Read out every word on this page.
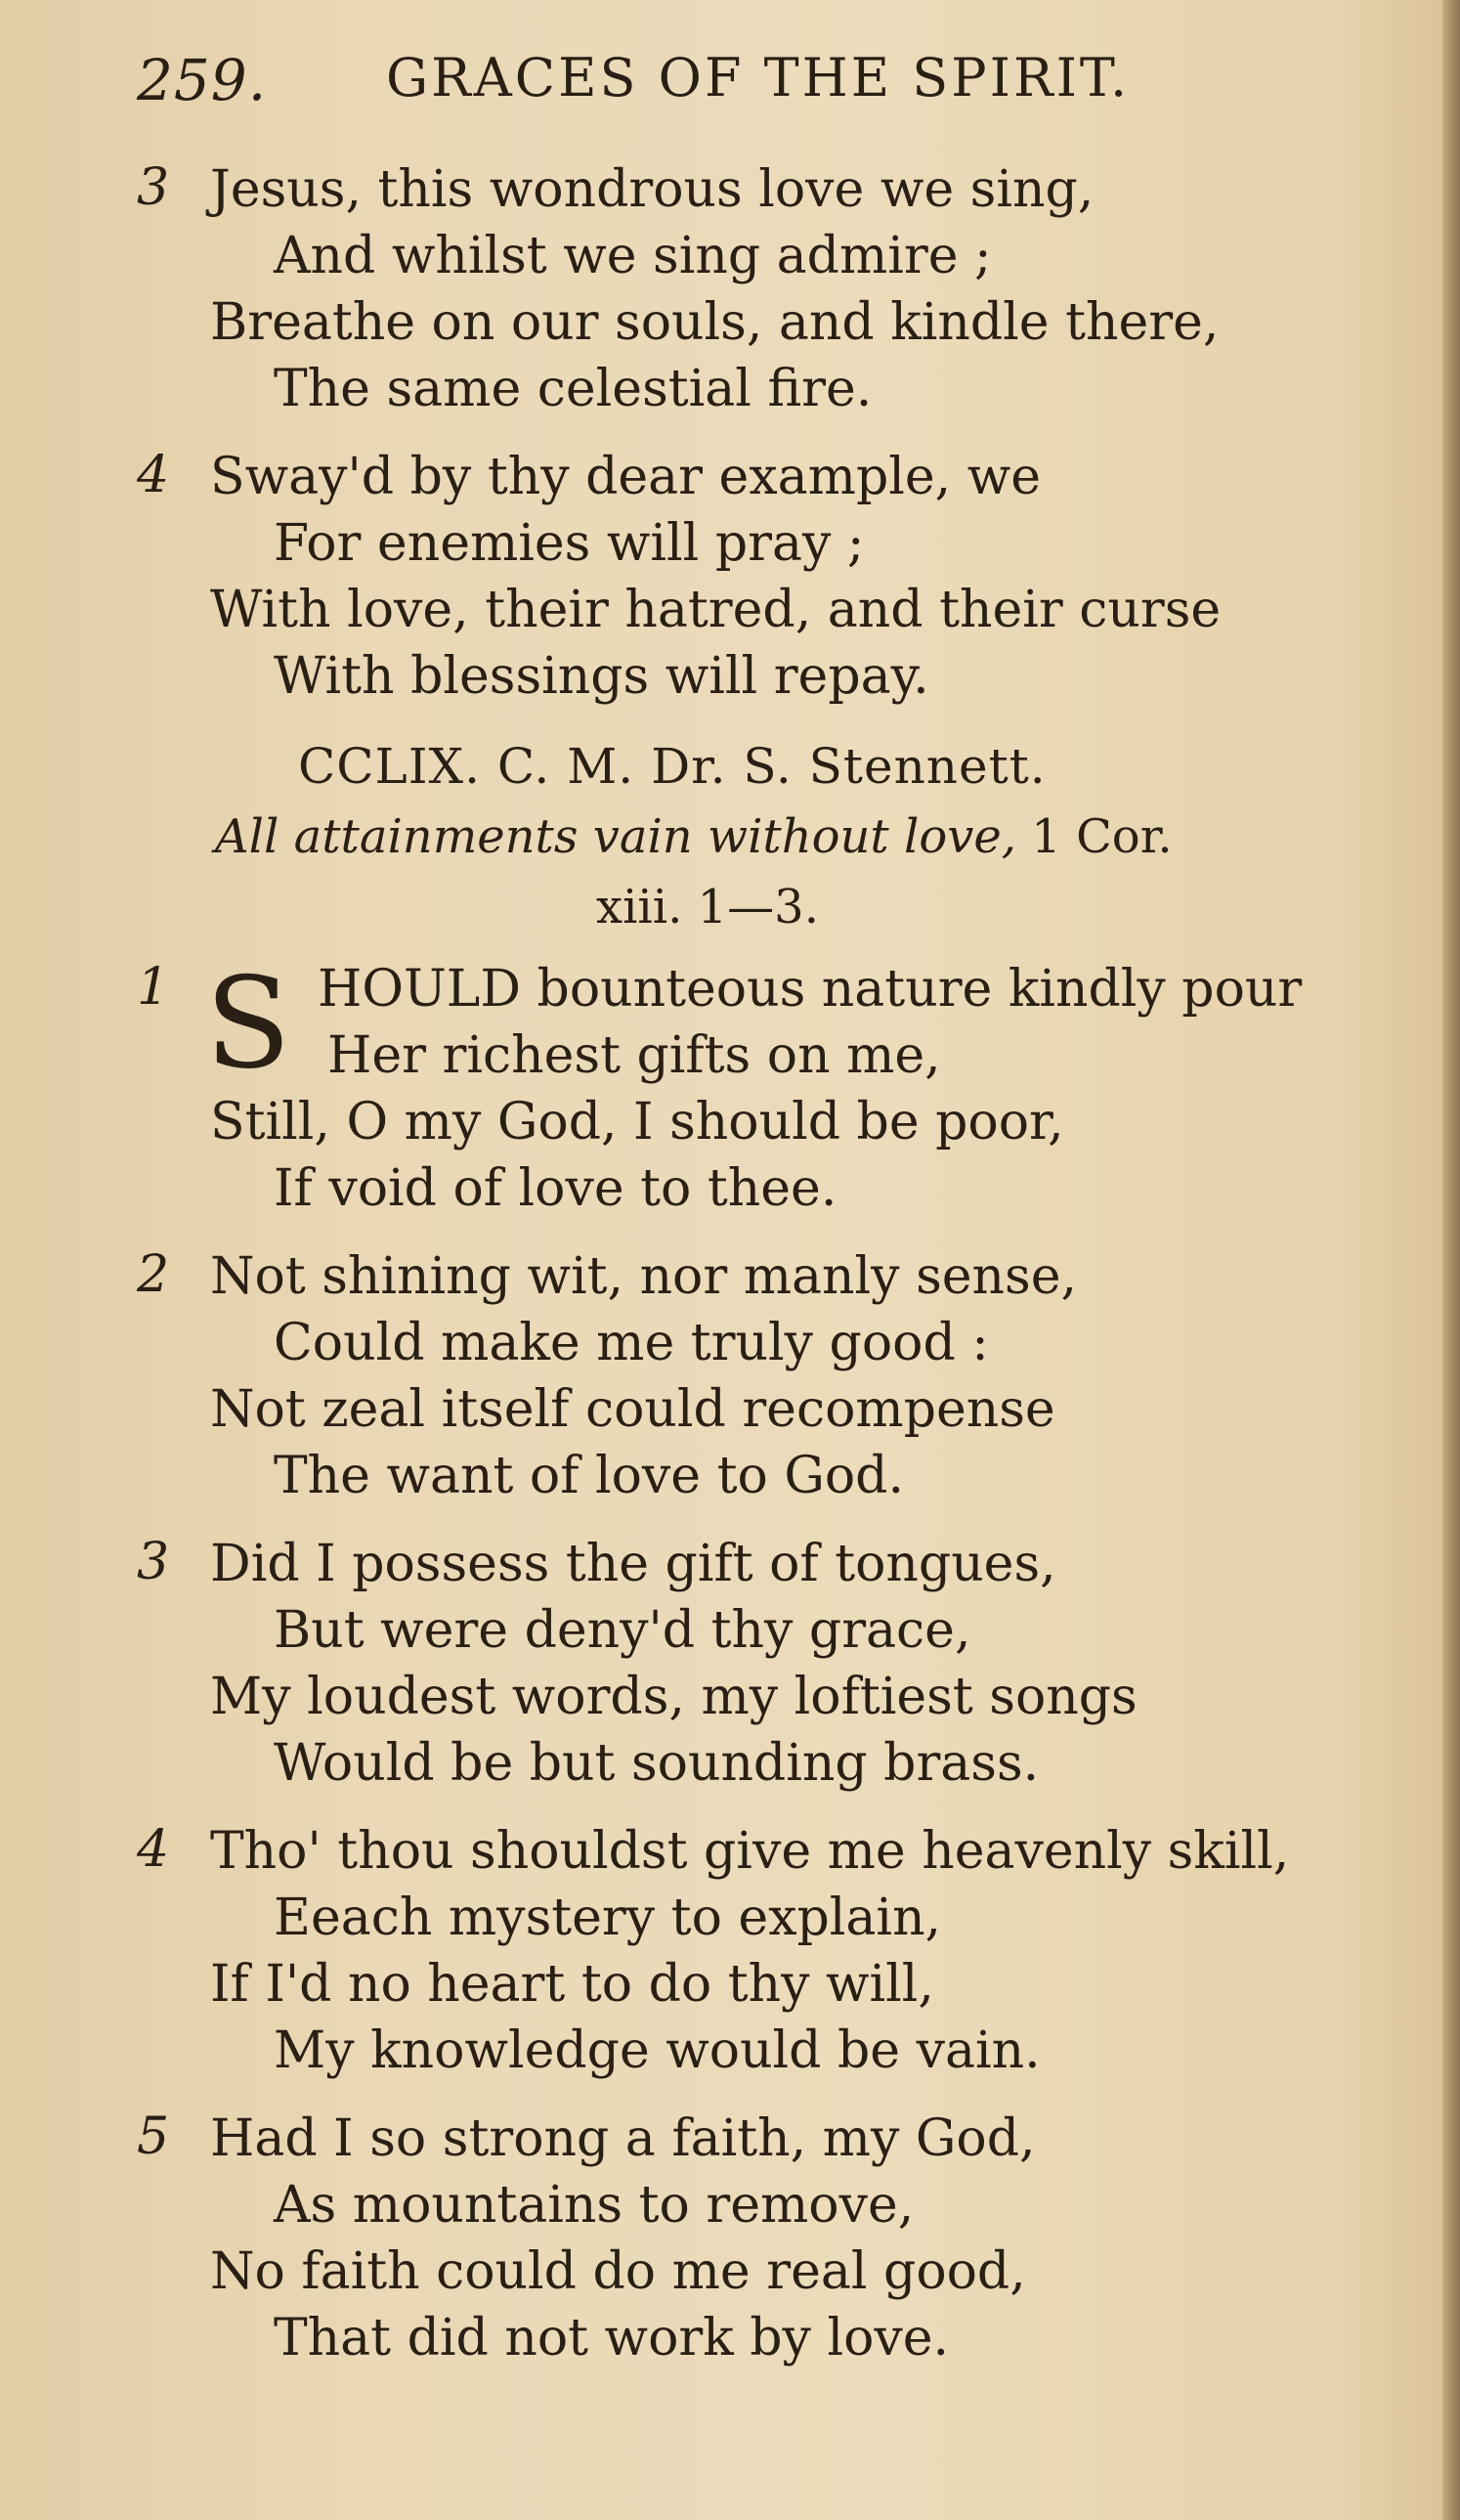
259. GRACES OF THE SPIRIT.
3 Jesus, this wondrous love we sing,
And whilst we sing admire ;
Breathe on our souls, and kindle there,
The same celestial fire.
4 Sway'd by thy dear example, we
For enemies will pray ;
With love, their hatred, and their curse
With blessings will repay.
CCLIX. C. M. Dr. S. Stennett.
All attainments vain without love, 1 Cor.
xiii. 1—3.
1 S HOULD bounteous nature kindly pour
Her richest gifts on me,
Still, O my God, I should be poor,
If void of love to thee.
2 Not shining wit, nor manly sense,
Could make me truly good :
Not zeal itself could recompense
The want of love to God.
3 Did I possess the gift of tongues,
But were deny'd thy grace,
My loudest words, my loftiest songs
Would be but sounding brass.
4 Tho' thou shouldst give me heavenly skill,
Eeach mystery to explain,
If I'd no heart to do thy will,
My knowledge would be vain.
5 Had I so strong a faith, my God,
As mountains to remove,
No faith could do me real good,
That did not work by love.
